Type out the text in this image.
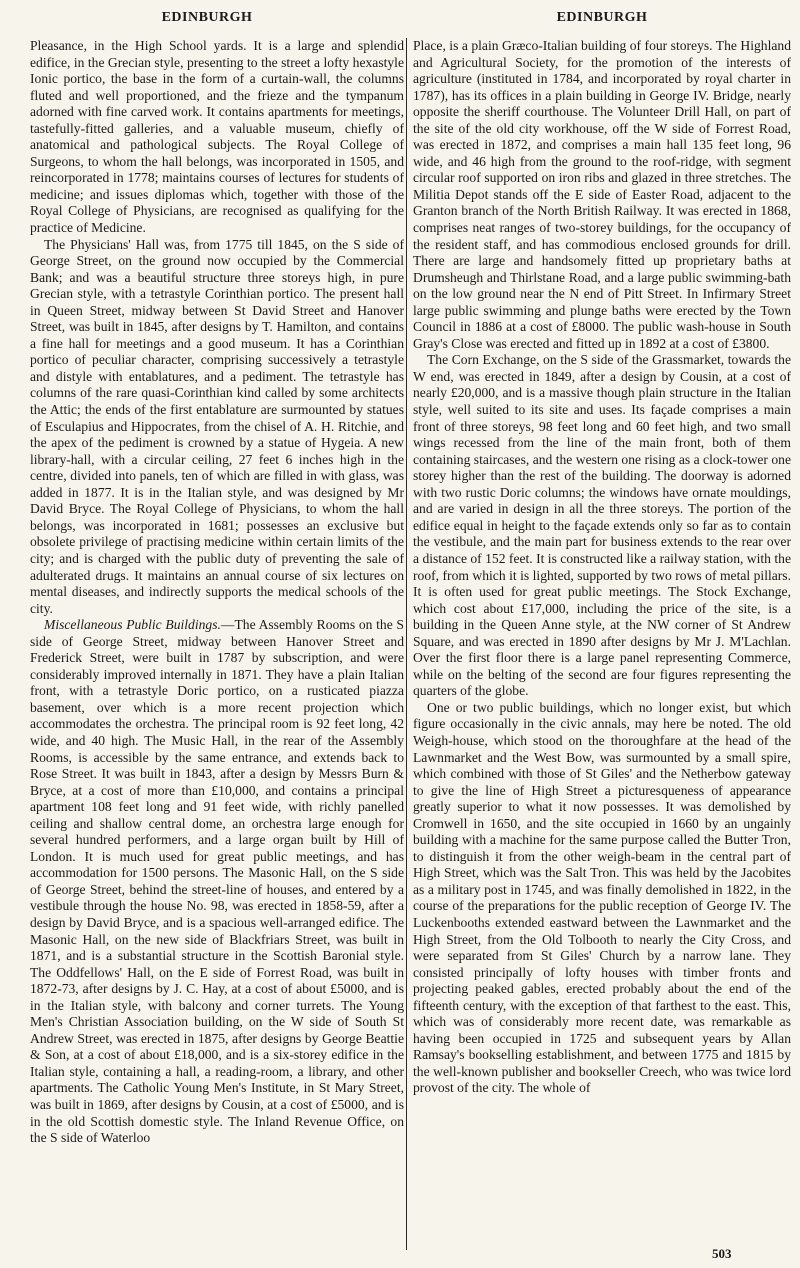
EDINBURGH	EDINBURGH

Pleasance, in the High School yards. It is a large and splendid edifice, in the Grecian style, presenting to the street a lofty hexastyle Ionic portico, the base in the form of a curtain-wall, the columns fluted and well proportioned, and the frieze and the tympanum adorned with fine carved work. It contains apartments for meetings, tastefully-fitted galleries, and a valuable museum, chiefly of anatomical and pathological subjects. The Royal College of Surgeons, to whom the hall belongs, was incorporated in 1505, and reincorporated in 1778; maintains courses of lectures for students of medicine; and issues diplomas which, together with those of the Royal College of Physicians, are recognised as qualifying for the practice of Medicine.

The Physicians' Hall was, from 1775 till 1845, on the S side of George Street, on the ground now occupied by the Commercial Bank; and was a beautiful structure three storeys high, in pure Grecian style, with a tetrastyle Corinthian portico. The present hall in Queen Street, midway between St David Street and Hanover Street, was built in 1845, after designs by T. Hamilton, and contains a fine hall for meetings and a good museum. It has a Corinthian portico of peculiar character, comprising successively a tetrastyle and distyle with entablatures, and a pediment. The tetrastyle has columns of the rare quasi-Corinthian kind called by some architects the Attic; the ends of the first entablature are surmounted by statues of Esculapius and Hippocrates, from the chisel of A. H. Ritchie, and the apex of the pediment is crowned by a statue of Hygeia. A new library-hall, with a circular ceiling, 27 feet 6 inches high in the centre, divided into panels, ten of which are filled in with glass, was added in 1877. It is in the Italian style, and was designed by Mr David Bryce. The Royal College of Physicians, to whom the hall belongs, was incorporated in 1681; possesses an exclusive but obsolete privilege of practising medicine within certain limits of the city; and is charged with the public duty of preventing the sale of adulterated drugs. It maintains an annual course of six lectures on mental diseases, and indirectly supports the medical schools of the city.

Miscellaneous Public Buildings.—The Assembly Rooms on the S side of George Street, midway between Hanover Street and Frederick Street, were built in 1787 by subscription, and were considerably improved internally in 1871. They have a plain Italian front, with a tetrastyle Doric portico, on a rusticated piazza basement, over which is a more recent projection which accommodates the orchestra. The principal room is 92 feet long, 42 wide, and 40 high. The Music Hall, in the rear of the Assembly Rooms, is accessible by the same entrance, and extends back to Rose Street. It was built in 1843, after a design by Messrs Burn & Bryce, at a cost of more than £10,000, and contains a principal apartment 108 feet long and 91 feet wide, with richly panelled ceiling and shallow central dome, an orchestra large enough for several hundred performers, and a large organ built by Hill of London. It is much used for great public meetings, and has accommodation for 1500 persons. The Masonic Hall, on the S side of George Street, behind the street-line of houses, and entered by a vestibule through the house No. 98, was erected in 1858-59, after a design by David Bryce, and is a spacious well-arranged edifice. The Masonic Hall, on the new side of Blackfriars Street, was built in 1871, and is a substantial structure in the Scottish Baronial style. The Oddfellows' Hall, on the E side of Forrest Road, was built in 1872-73, after designs by J. C. Hay, at a cost of about £5000, and is in the Italian style, with balcony and corner turrets. The Young Men's Christian Association building, on the W side of South St Andrew Street, was erected in 1875, after designs by George Beattie & Son, at a cost of about £18,000, and is a six-storey edifice in the Italian style, containing a hall, a reading-room, a library, and other apartments. The Catholic Young Men's Institute, in St Mary Street, was built in 1869, after designs by Cousin, at a cost of £5000, and is in the old Scottish domestic style. The Inland Revenue Office, on the S side of Waterloo

Place, is a plain Græco-Italian building of four storeys. The Highland and Agricultural Society, for the promotion of the interests of agriculture (instituted in 1784, and incorporated by royal charter in 1787), has its offices in a plain building in George IV. Bridge, nearly opposite the sheriff courthouse. The Volunteer Drill Hall, on part of the site of the old city workhouse, off the W side of Forrest Road, was erected in 1872, and comprises a main hall 135 feet long, 96 wide, and 46 high from the ground to the roof-ridge, with segment circular roof supported on iron ribs and glazed in three stretches. The Militia Depot stands off the E side of Easter Road, adjacent to the Granton branch of the North British Railway. It was erected in 1868, comprises neat ranges of two-storey buildings, for the occupancy of the resident staff, and has commodious enclosed grounds for drill. There are large and handsomely fitted up proprietary baths at Drumsheugh and Thirlstane Road, and a large public swimming-bath on the low ground near the N end of Pitt Street. In Infirmary Street large public swimming and plunge baths were erected by the Town Council in 1886 at a cost of £8000. The public wash-house in South Gray's Close was erected and fitted up in 1892 at a cost of £3800.

The Corn Exchange, on the S side of the Grassmarket, towards the W end, was erected in 1849, after a design by Cousin, at a cost of nearly £20,000, and is a massive though plain structure in the Italian style, well suited to its site and uses. Its façade comprises a main front of three storeys, 98 feet long and 60 feet high, and two small wings recessed from the line of the main front, both of them containing staircases, and the western one rising as a clock-tower one storey higher than the rest of the building. The doorway is adorned with two rustic Doric columns; the windows have ornate mouldings, and are varied in design in all the three storeys. The portion of the edifice equal in height to the façade extends only so far as to contain the vestibule, and the main part for business extends to the rear over a distance of 152 feet. It is constructed like a railway station, with the roof, from which it is lighted, supported by two rows of metal pillars. It is often used for great public meetings. The Stock Exchange, which cost about £17,000, including the price of the site, is a building in the Queen Anne style, at the NW corner of St Andrew Square, and was erected in 1890 after designs by Mr J. M'Lachlan. Over the first floor there is a large panel representing Commerce, while on the belting of the second are four figures representing the quarters of the globe.

One or two public buildings, which no longer exist, but which figure occasionally in the civic annals, may here be noted. The old Weigh-house, which stood on the thoroughfare at the head of the Lawnmarket and the West Bow, was surmounted by a small spire, which combined with those of St Giles' and the Netherbow gateway to give the line of High Street a picturesqueness of appearance greatly superior to what it now possesses. It was demolished by Cromwell in 1650, and the site occupied in 1660 by an ungainly building with a machine for the same purpose called the Butter Tron, to distinguish it from the other weigh-beam in the central part of High Street, which was the Salt Tron. This was held by the Jacobites as a military post in 1745, and was finally demolished in 1822, in the course of the preparations for the public reception of George IV. The Luckenbooths extended eastward between the Lawnmarket and the High Street, from the Old Tolbooth to nearly the City Cross, and were separated from St Giles' Church by a narrow lane. They consisted principally of lofty houses with timber fronts and projecting peaked gables, erected probably about the end of the fifteenth century, with the exception of that farthest to the east. This, which was of considerably more recent date, was remarkable as having been occupied in 1725 and subsequent years by Allan Ramsay's bookselling establishment, and between 1775 and 1815 by the well-known publisher and bookseller Creech, who was twice lord provost of the city. The whole of

503
